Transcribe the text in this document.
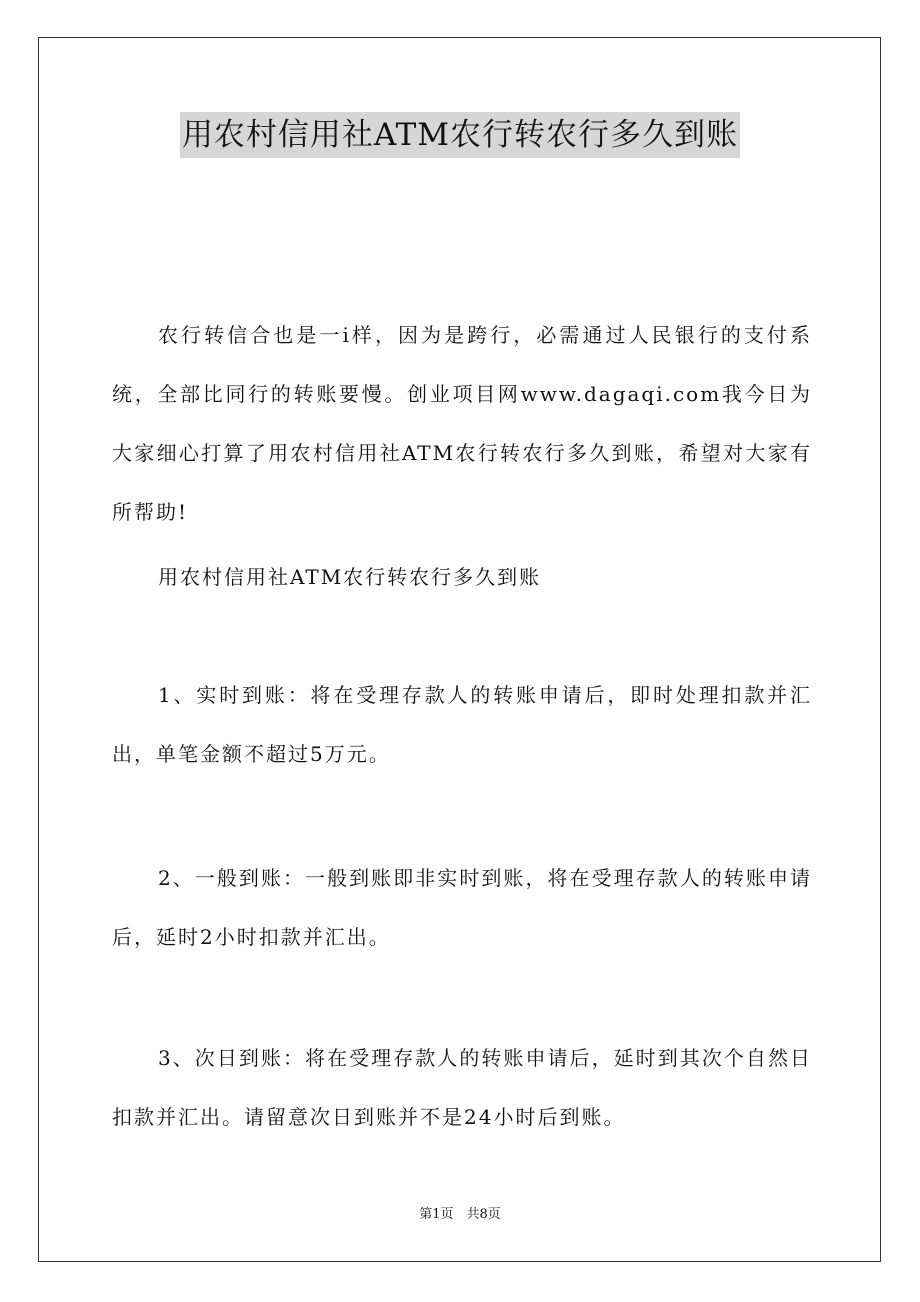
用农村信用社ATM农行转农行多久到账

农行转信合也是一i样，因为是跨行，必需通过人民银行的支付系统，全部比同行的转账要慢。创业项目网www.dagaqi.com我今日为大家细心打算了用农村信用社ATM农行转农行多久到账，希望对大家有所帮助!

用农村信用社ATM农行转农行多久到账

1、实时到账：将在受理存款人的转账申请后，即时处理扣款并汇出，单笔金额不超过5万元。

2、一般到账：一般到账即非实时到账，将在受理存款人的转账申请后，延时2小时扣款并汇出。

3、次日到账：将在受理存款人的转账申请后，延时到其次个自然日扣款并汇出。请留意次日到账并不是24小时后到账。

第1页　共8页
